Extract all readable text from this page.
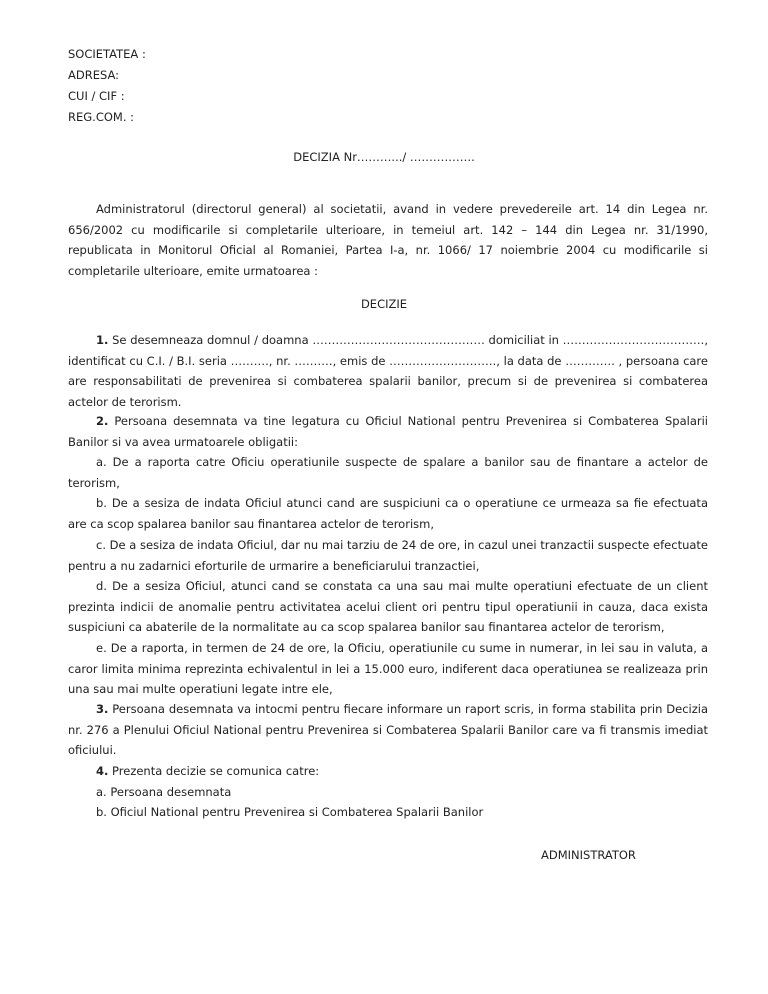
SOCIETATEA :
ADRESA:
CUI / CIF :
REG.COM. :
DECIZIA Nr……….../ ……………..
Administratorul (directorul general) al societatii, avand in vedere prevedereile art. 14 din Legea nr. 656/2002 cu modificarile si completarile ulterioare, in temeiul art. 142 – 144 din Legea nr. 31/1990, republicata in Monitorul Oficial al Romaniei, Partea I-a, nr. 1066/ 17 noiembrie 2004 cu modificarile si completarile ulterioare, emite urmatoarea :
DECIZIE
1. Se desemneaza domnul / doamna ……………………………………… domiciliat in ………………………………., identificat cu C.I. / B.I. seria ………., nr. ………., emis de ………………………., la data de …………. , persoana care are responsabilitati de prevenirea si combaterea spalarii banilor, precum si de prevenirea si combaterea actelor de terorism.
2. Persoana desemnata va tine legatura cu Oficiul National pentru Prevenirea si Combaterea Spalarii Banilor si va avea urmatoarele obligatii:
a. De a raporta catre Oficiu operatiunile suspecte de spalare a banilor sau de finantare a actelor de terorism,
b. De a sesiza de indata Oficiul atunci cand are suspiciuni ca o operatiune ce urmeaza sa fie efectuata are ca scop spalarea banilor sau finantarea actelor de terorism,
c. De a sesiza de indata Oficiul, dar nu mai tarziu de 24 de ore, in cazul unei tranzactii suspecte efectuate pentru a nu zadarnici eforturile de urmarire a beneficiarului tranzactiei,
d. De a sesiza Oficiul, atunci cand se constata ca una sau mai multe operatiuni efectuate de un client prezinta indicii de anomalie pentru activitatea acelui client ori pentru tipul operatiunii in cauza, daca exista suspiciuni ca abaterile de la normalitate au ca scop spalarea banilor sau finantarea actelor de terorism,
e. De a raporta, in termen de 24 de ore, la Oficiu, operatiunile cu sume in numerar, in lei sau in valuta, a caror limita minima reprezinta echivalentul in lei a 15.000 euro, indiferent daca operatiunea se realizeaza prin una sau mai multe operatiuni legate intre ele,
3. Persoana desemnata va intocmi pentru fiecare informare un raport scris, in forma stabilita prin Decizia nr. 276 a Plenului Oficiul National pentru Prevenirea si Combaterea Spalarii Banilor care va fi transmis imediat oficiului.
4. Prezenta decizie se comunica catre:
a. Persoana desemnata
b. Oficiul National pentru Prevenirea si Combaterea Spalarii Banilor
ADMINISTRATOR
